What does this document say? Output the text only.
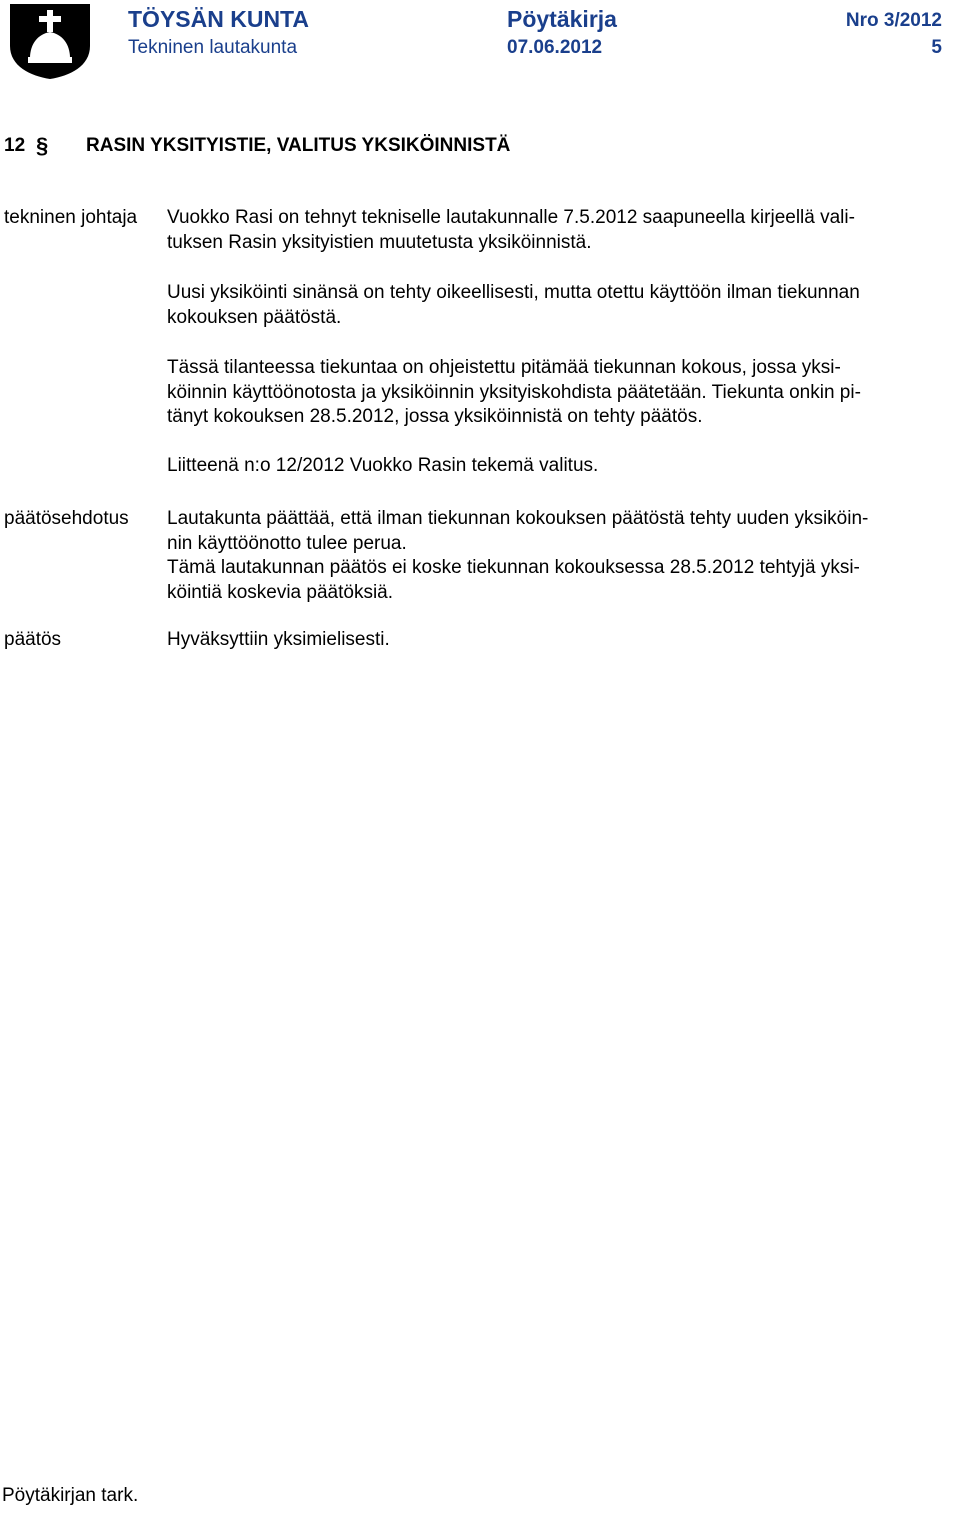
TÖYSÄN KUNTA
Tekninen lautakunta
Pöytäkirja
07.06.2012
Nro 3/2012
5
12 § RASIN YKSITYISTIE, VALITUS YKSIKÖINNISTÄ
tekninen johtaja Vuokko Rasi on tehnyt tekniselle lautakunnalle 7.5.2012 saapuneella kirjeellä vali-

tuksen Rasin yksityistien muutetusta yksiköinnistä.

Uusi yksiköinti sinänsä on tehty oikeellisesti, mutta otettu käyttöön ilman tiekunnan

kokouksen päätöstä.

Tässä tilanteessa tiekuntaa on ohjeistettu pitämää tiekunnan kokous, jossa yksi-

köinnin käyttöönotosta ja yksiköinnin yksityiskohdista päätetään. Tiekunta onkin pi-

tänyt kokouksen 28.5.2012, jossa yksiköinnistä on tehty päätös.

Liitteenä n:o 12/2012 Vuokko Rasin tekemä valitus.
päätösehdotus Lautakunta päättää, että ilman tiekunnan kokouksen päätöstä tehty uuden yksiköin-

nin käyttöönotto tulee perua.

Tämä lautakunnan päätös ei koske tiekunnan kokouksessa 28.5.2012 tehtyjä yksi-

köintiä koskevia päätöksiä.

päätös	Hyväksyttiin yksimielisesti.
Pöytäkirjan tark.
